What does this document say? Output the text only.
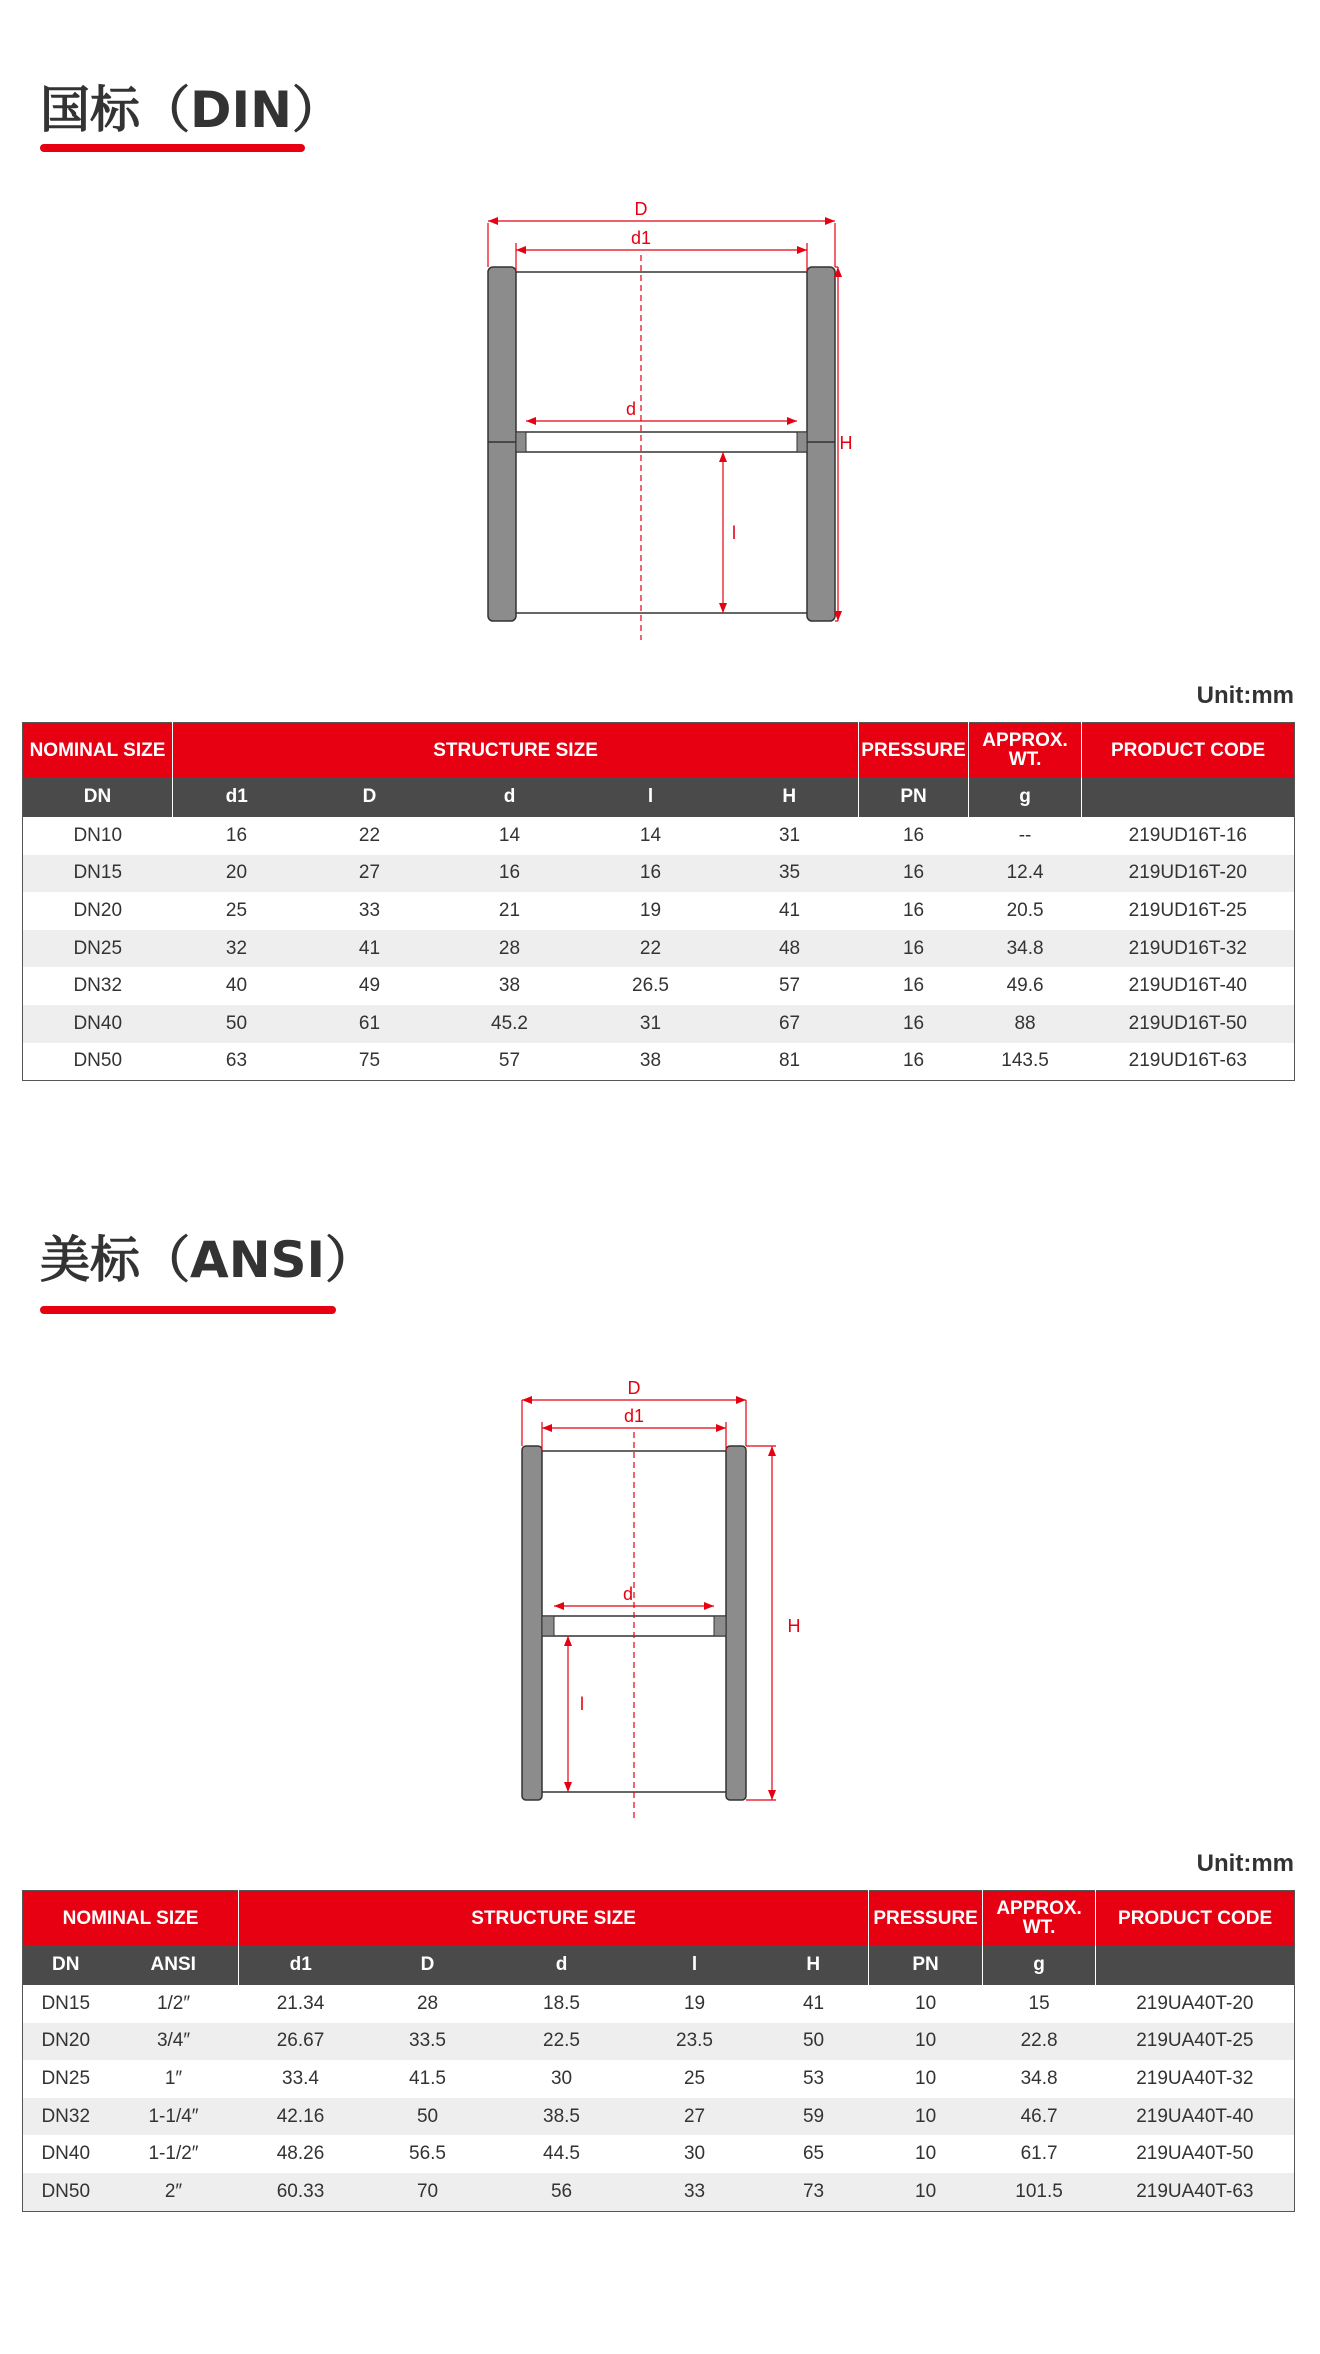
国标（DIN）
D
d1
d
H
l
Unit:mm
NOMINAL SIZE	STRUCTURE SIZE					PRESSURE	APPROX. WT.	PRODUCT CODE
DN	d1	D	d	l	H	PN	g	
DN10	16	22	14	14	31	16	--	219UD16T-16
DN15	20	27	16	16	35	16	12.4	219UD16T-20
DN20	25	33	21	19	41	16	20.5	219UD16T-25
DN25	32	41	28	22	48	16	34.8	219UD16T-32
DN32	40	49	38	26.5	57	16	49.6	219UD16T-40
DN40	50	61	45.2	31	67	16	88	219UD16T-50
DN50	63	75	57	38	81	16	143.5	219UD16T-63
美标（ANSI）
D
d1
d
H
l
Unit:mm
NOMINAL SIZE		STRUCTURE SIZE					PRESSURE	APPROX. WT.	PRODUCT CODE
DN	ANSI	d1	D	d	l	H	PN	g	
DN15	1/2″	21.34	28	18.5	19	41	10	15	219UA40T-20
DN20	3/4″	26.67	33.5	22.5	23.5	50	10	22.8	219UA40T-25
DN25	1″	33.4	41.5	30	25	53	10	34.8	219UA40T-32
DN32	1-1/4″	42.16	50	38.5	27	59	10	46.7	219UA40T-40
DN40	1-1/2″	48.26	56.5	44.5	30	65	10	61.7	219UA40T-50
DN50	2″	60.33	70	56	33	73	10	101.5	219UA40T-63
